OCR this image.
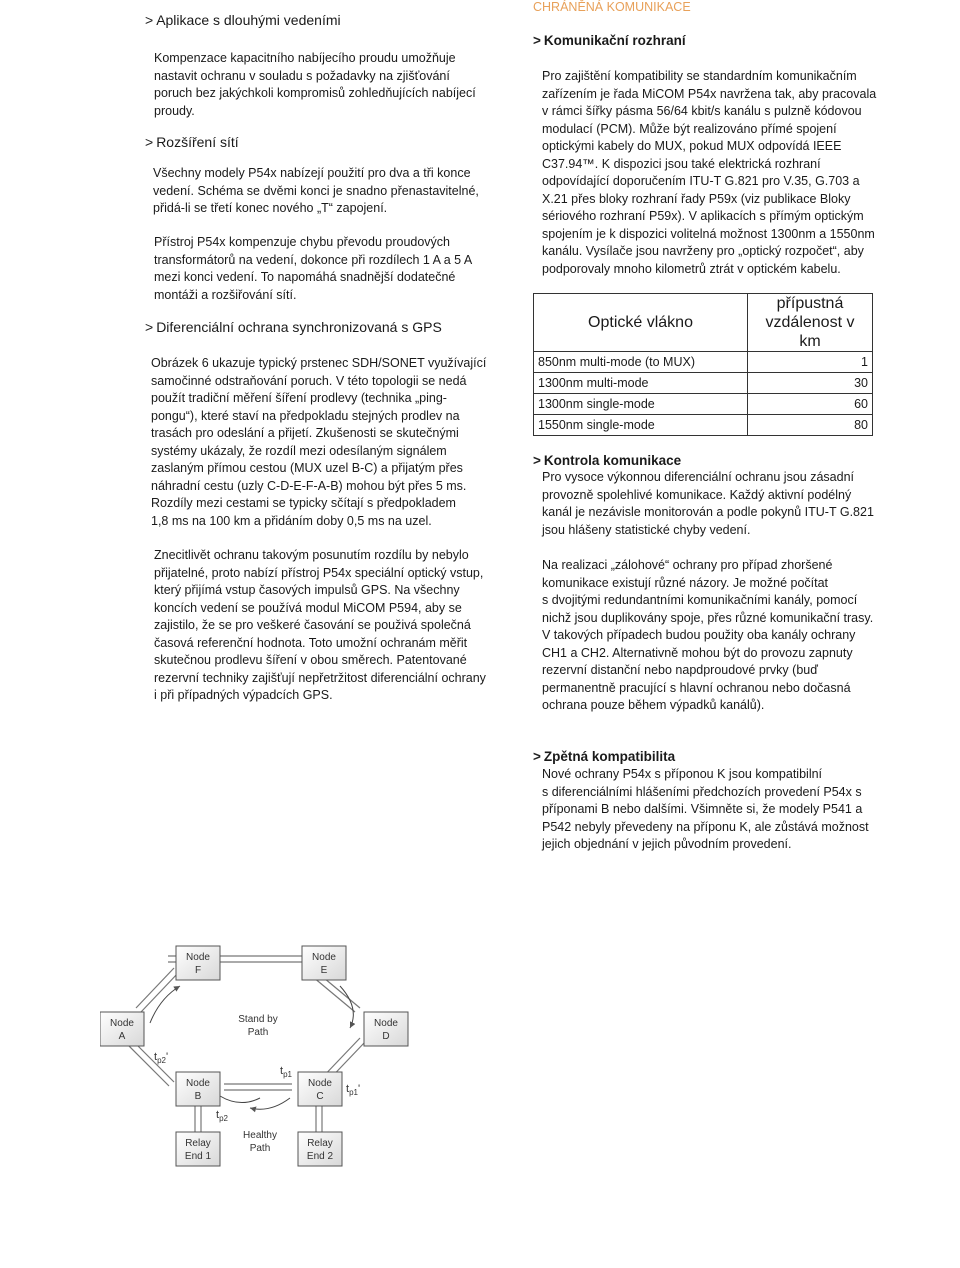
> Aplikace s dlouhými vedeními
Kompenzace kapacitního nabíjecího proudu umožňuje
nastavit ochranu v souladu s požadavky na zjišťování
poruch bez jakýchkoli kompromisů zohledňujících nabíjecí
proudy.
> Rozšíření sítí
Všechny modely P54x nabízejí použití pro dva a tři konce
vedení. Schéma se dvěmi konci je snadno přenastavitelné,
přidá-li se třetí konec nového „T“ zapojení.
Přístroj P54x kompenzuje chybu převodu proudových
transformátorů na vedení, dokonce při rozdílech 1 A a 5 A
mezi konci vedení. To napomáhá snadnější dodatečné
montáži a rozšiřování sítí.
> Diferenciální ochrana synchronizovaná s GPS
Obrázek 6 ukazuje typický prstenec SDH/SONET využívající
samočinné odstraňování poruch. V této topologii se nedá
použít tradiční měření šíření prodlevy (technika „ping-
pongu“), které staví na předpokladu stejných prodlev na
trasách pro odeslání a přijetí. Zkušenosti se skutečnými
systémy ukázaly, že rozdíl mezi odesílaným signálem
zaslaným přímou cestou (MUX uzel B-C) a přijatým přes
náhradní cestu (uzly C-D-E-F-A-B) mohou být přes 5 ms.
Rozdíly mezi cestami se typicky sčítají s předpokladem
1,8 ms na 100 km a přidáním doby 0,5 ms na uzel.
Znecitlivět ochranu takovým posunutím rozdílu by nebylo
přijatelné, proto nabízí přístroj P54x speciální optický vstup,
který přijímá vstup časových impulsů GPS. Na všechny
koncích vedení se používá modul MiCOM P594, aby se
zajistilo, že se pro veškeré časování se použivá společná
časová referenční hodnota. Toto umožní ochranám měřit
skutečnou prodlevu šíření v obou směrech. Patentované
rezervní techniky zajišťují nepřetržitost diferenciální ochrany
i při případných výpadcích GPS.
CHRÁNĚNÁ KOMUNIKACE
> Komunikační rozhraní
Pro zajištění kompatibility se standardním komunikačním
zařízením je řada MiCOM P54x navržena tak, aby pracovala
v rámci šířky pásma 56/64 kbit/s kanálu s pulzně kódovou
modulací (PCM). Může být realizováno přímé spojení
optickými kabely do MUX, pokud MUX odpovídá IEEE
C37.94™. K dispozici jsou také elektrická rozhraní
odpovídající doporučením ITU-T G.821 pro V.35, G.703 a
X.21 přes bloky rozhraní řady P59x (viz publikace Bloky
sériového rozhraní P59x). V aplikacích s přímým optickým
spojením je k dispozici volitelná možnost 1300nm a 1550nm
kanálu. Vysílače jsou navrženy pro „optický rozpočet“, aby
podporovaly mnoho kilometrů ztrát v optickém kabelu.
Optické vlákno	přípustná
vzdálenost v
km

850nm multi-mode (to MUX)	1
1300nm multi-mode	30
1300nm single-mode	60
1550nm single-mode	80
> Kontrola komunikace
Pro vysoce výkonnou diferenciální ochranu jsou zásadní
provozně spolehlivé komunikace. Každý aktivní podélný
kanál je nezávisle monitorován a podle pokynů ITU-T G.821
jsou hlášeny statistické chyby vedení.
Na realizaci „zálohové“ ochrany pro případ zhoršené
komunikace existují různé názory. Je možné počítat
s dvojitými redundantními komunikačními kanály, pomocí
nichž jsou duplikovány spoje, přes různé komunikační trasy.
V takových případech budou použity oba kanály ochrany
CH1 a CH2. Alternativně mohou být do provozu zapnuty
rezervní distanční nebo napdproudové prvky (buď
permanentně pracující s hlavní ochranou nebo dočasná
ochrana pouze během výpadků kanálů).
> Zpětná kompatibilita
Nové ochrany P54x s příponou K jsou kompatibilní
s diferenciálními hlášeními předchozích provedení P54x s
příponami B nebo dalšími. Všimněte si, že modely P541 a
P542 nebyly převedeny na příponu K, ale zůstává možnost
jejich objednání v jejich původním provedení.
Node
F
Node
E
Node
A
Node
D
Node
B
Node
C
Relay
End 1
Relay
End 2
Stand by
Path
Healthy
Path
$t_{p2}'$
$t_{p2}$
$t_{p1}$
$t_{p1}'$
